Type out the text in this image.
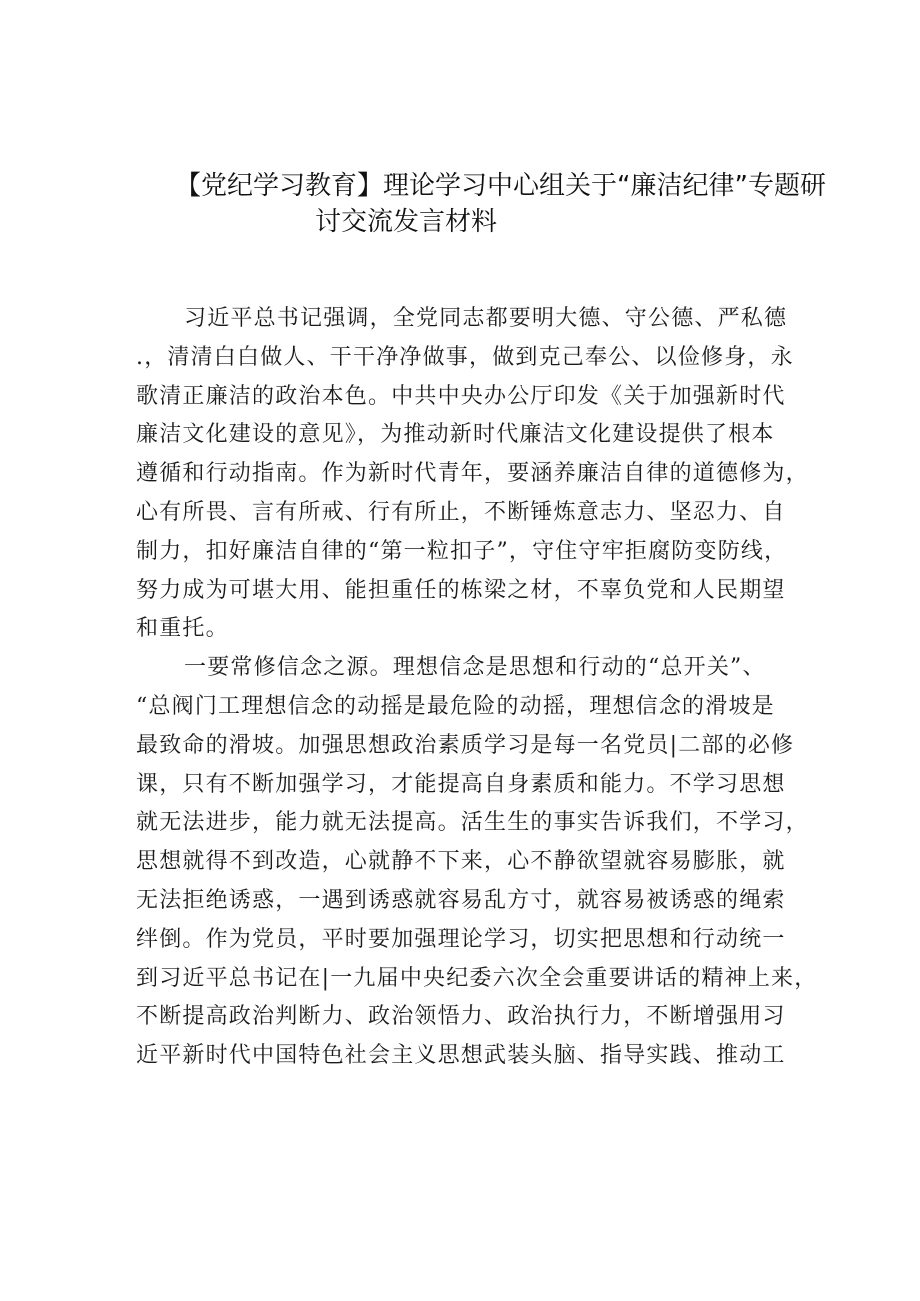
【党纪学习教育】理论学习中心组关于“廉洁纪律”专题研
讨交流发言材料

习近平总书记强调，全党同志都要明大德、守公德、严私德
.，清清白白做人、干干净净做事，做到克己奉公、以俭修身，永
歌清正廉洁的政治本色。中共中央办公厅印发《关于加强新时代
廉洁文化建设的意见》，为推动新时代廉洁文化建设提供了根本
遵循和行动指南。作为新时代青年，要涵养廉洁自律的道德修为，
心有所畏、言有所戒、行有所止，不断锤炼意志力、坚忍力、自
制力，扣好廉洁自律的“第一粒扣子”，守住守牢拒腐防变防线，
努力成为可堪大用、能担重任的栋梁之材，不辜负党和人民期望
和重托。

一要常修信念之源。理想信念是思想和行动的“总开关”、
“总阀门工理想信念的动摇是最危险的动摇，理想信念的滑坡是
最致命的滑坡。加强思想政治素质学习是每一名党员|二部的必修
课，只有不断加强学习，才能提高自身素质和能力。不学习思想
就无法进步，能力就无法提高。活生生的事实告诉我们，不学习，
思想就得不到改造，心就静不下来，心不静欲望就容易膨胀，就
无法拒绝诱惑，一遇到诱惑就容易乱方寸，就容易被诱惑的绳索
绊倒。作为党员，平时要加强理论学习，切实把思想和行动统一
到习近平总书记在|一九届中央纪委六次全会重要讲话的精神上来，
不断提高政治判断力、政治领悟力、政治执行力，不断增强用习
近平新时代中国特色社会主义思想武装头脑、指导实践、推动工
